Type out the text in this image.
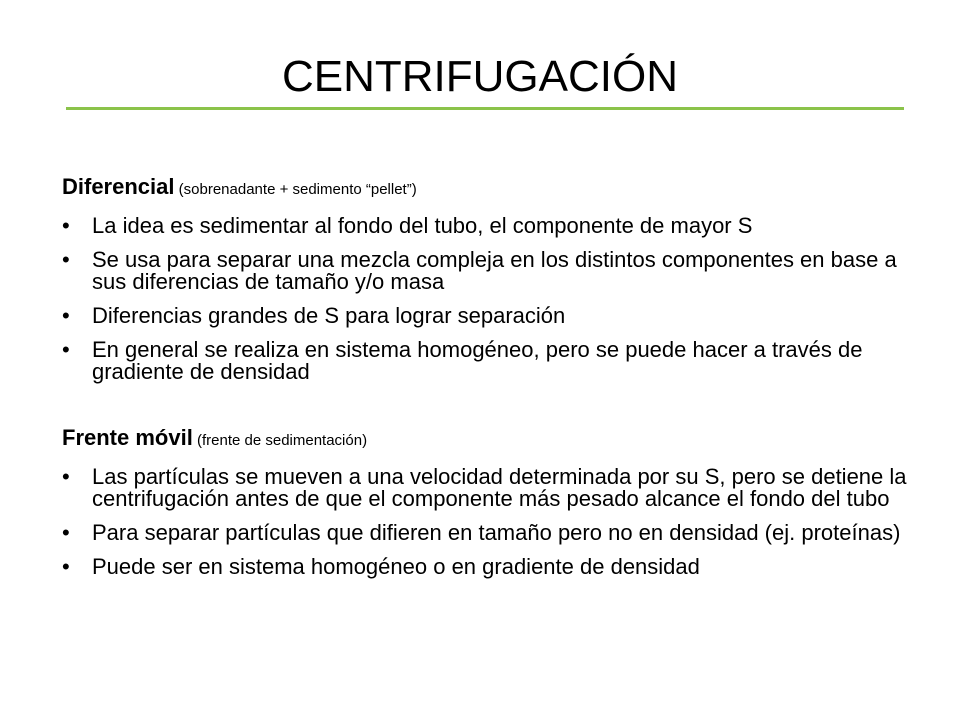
CENTRIFUGACIÓN
Diferencial (sobrenadante + sedimento “pellet”)
• La idea es sedimentar al fondo del tubo, el componente de mayor S
• Se usa para separar una mezcla compleja en los distintos componentes en base a sus diferencias de tamaño y/o masa
• Diferencias grandes de S para lograr separación
• En general se realiza en sistema homogéneo, pero se puede hacer a través de gradiente de densidad
Frente móvil (frente de sedimentación)
• Las partículas se mueven a una velocidad determinada por su S, pero se detiene la centrifugación antes de que el componente más pesado alcance el fondo del tubo
• Para separar partículas que difieren en tamaño pero no en densidad (ej. proteínas)
• Puede ser en sistema homogéneo o en gradiente de densidad
